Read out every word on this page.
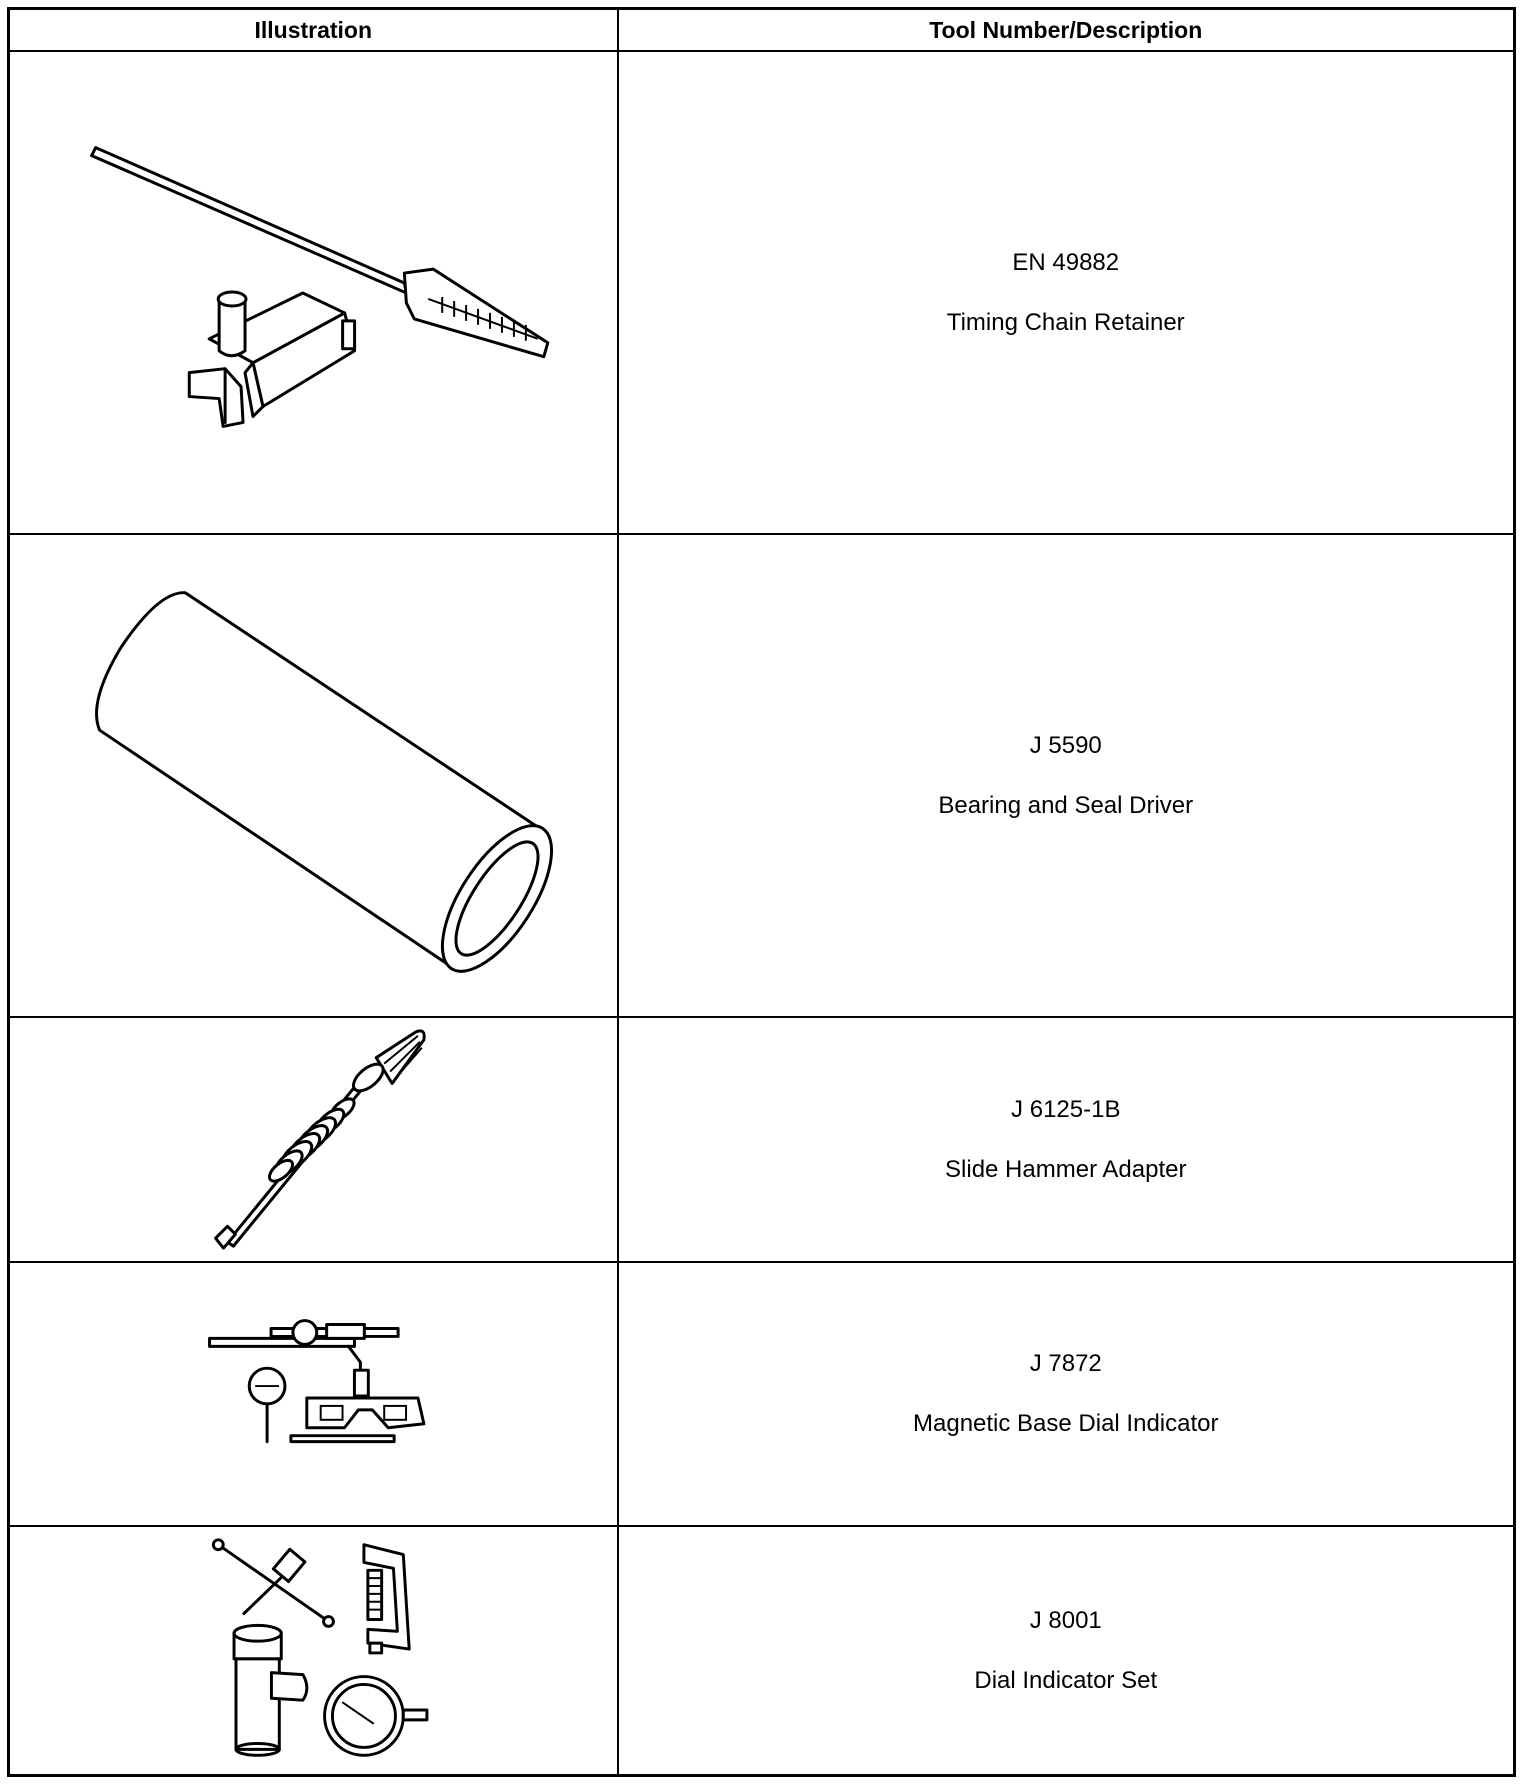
Illustration	Tool Number/Description

EN 49882
Timing Chain Retainer

J 5590
Bearing and Seal Driver

J 6125-1B
Slide Hammer Adapter

J 7872
Magnetic Base Dial Indicator

J 8001
Dial Indicator Set
